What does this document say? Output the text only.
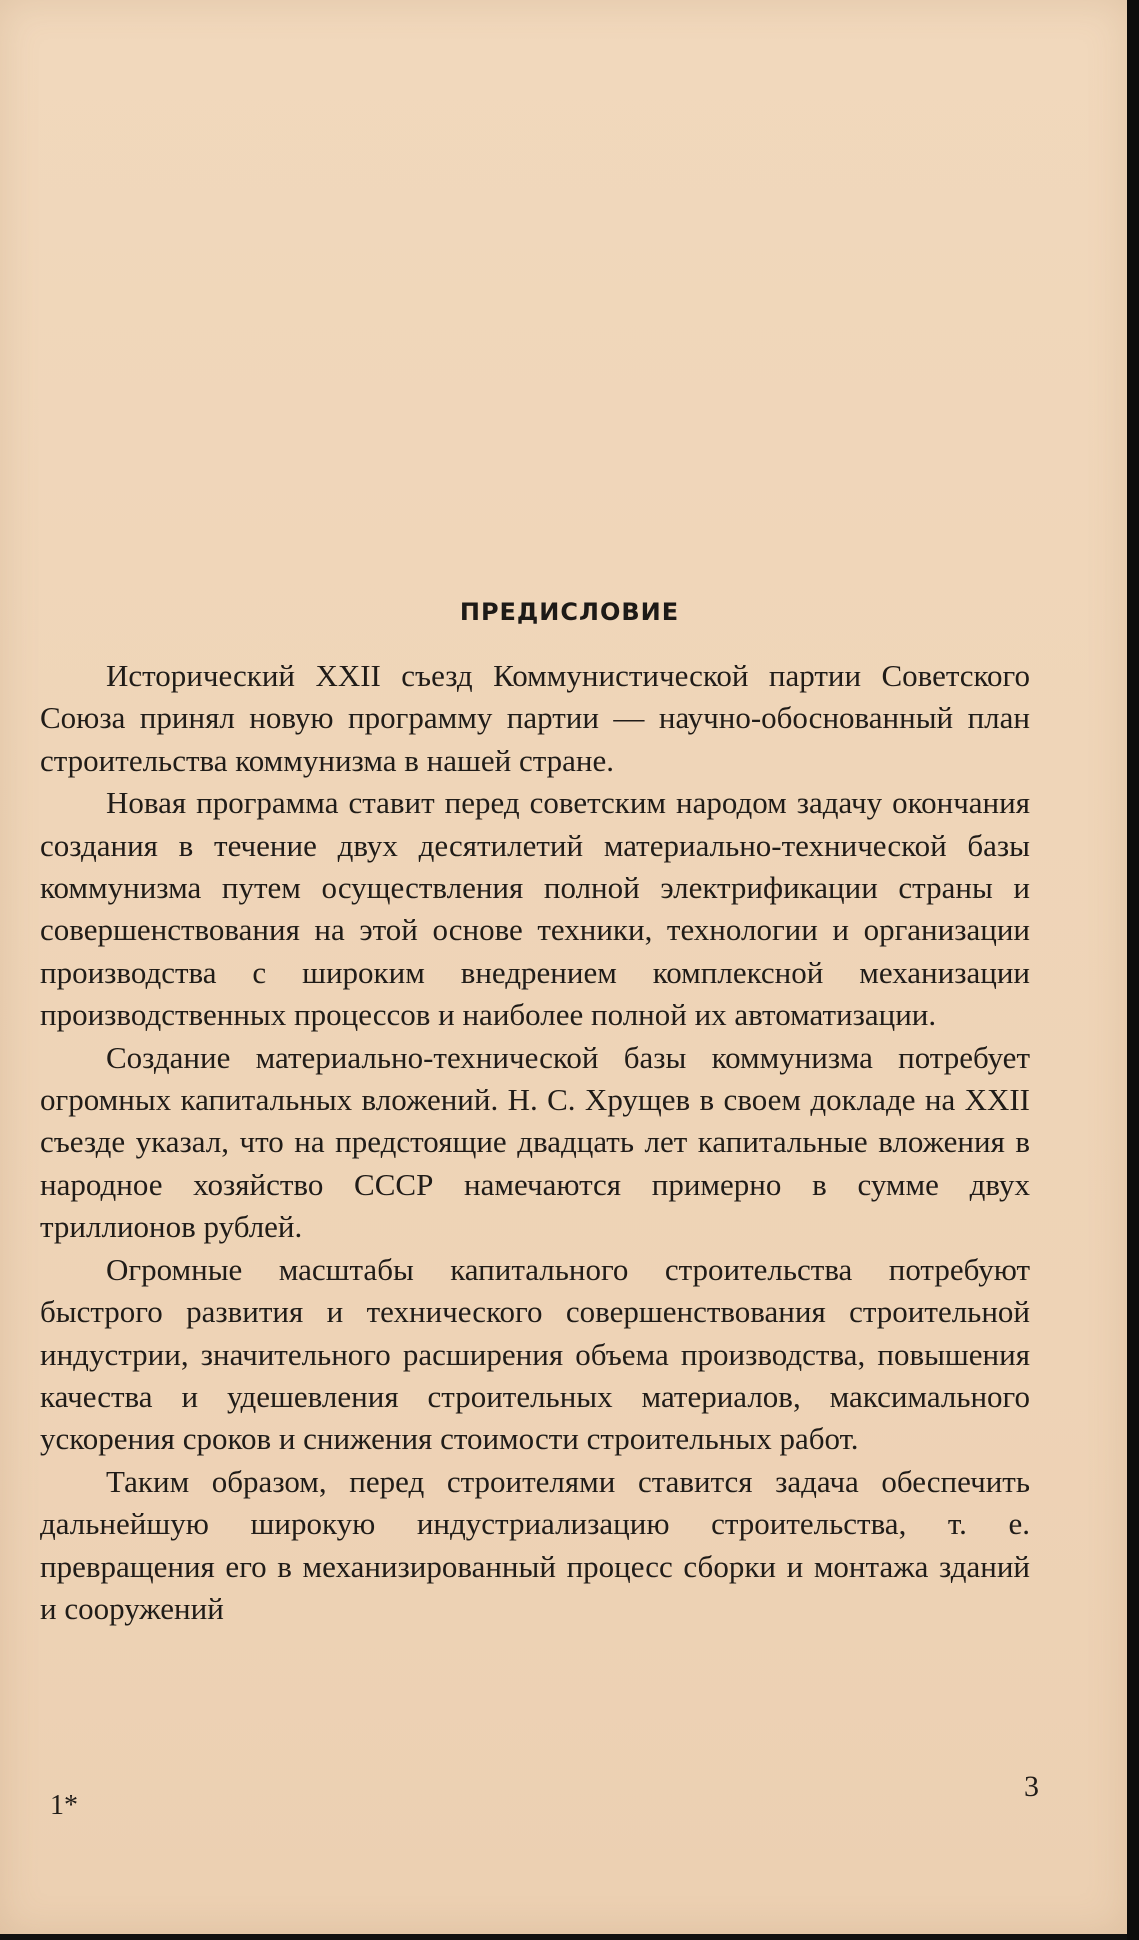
ПРЕДИСЛОВИЕ

Исторический XXII съезд Коммунистической партии Советского Союза принял новую программу партии — научно-обоснованный план строительства коммунизма в нашей стране.

Новая программа ставит перед советским народом задачу окончания создания в течение двух десятилетий материально-технической базы коммунизма путем осуществления полной электрификации страны и совершенствования на этой основе техники, технологии и организации производства с широким внедрением комплексной механизации производственных процессов и наиболее полной их автоматизации.

Создание материально-технической базы коммунизма потребует огромных капитальных вложений. Н. С. Хрущев в своем докладе на XXII съезде указал, что на предстоящие двадцать лет капитальные вложения в народное хозяйство СССР намечаются примерно в сумме двух триллионов рублей.

Огромные масштабы капитального строительства потребуют быстрого развития и технического совершенствования строительной индустрии, значительного расширения объема производства, повышения качества и удешевления строительных материалов, максимального ускорения сроков и снижения стоимости строительных работ.

Таким образом, перед строителями ставится задача обеспечить дальнейшую широкую индустриализацию строительства, т. е. превращения его в механизированный процесс сборки и монтажа зданий и сооружений

1*
3
